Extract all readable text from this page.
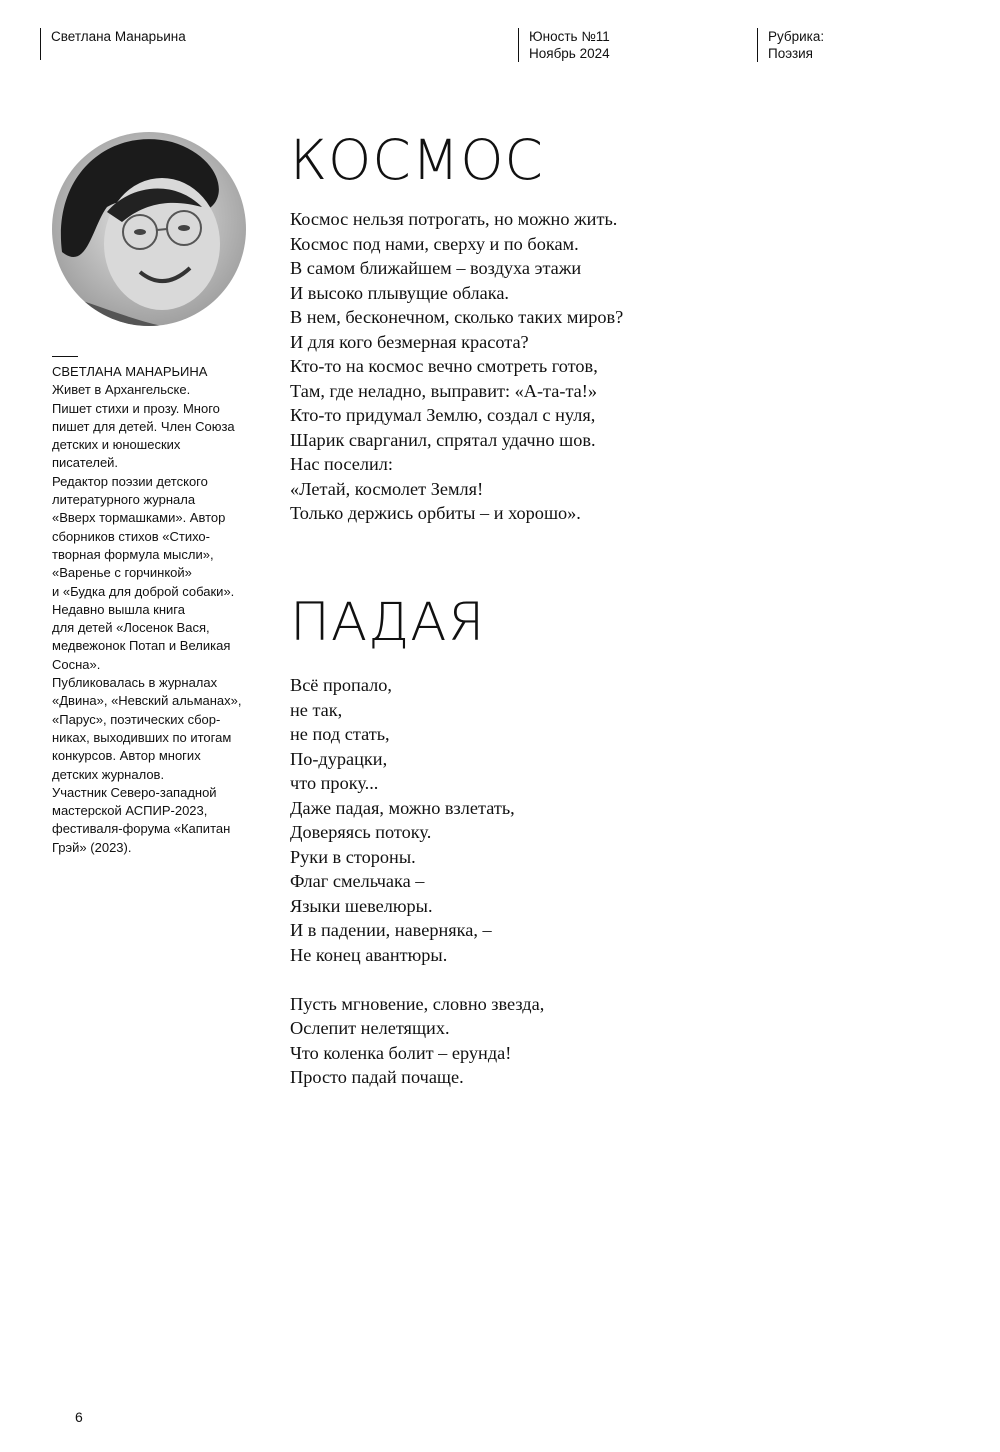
Светлана Манарьина	Юность №11
Ноябрь 2024
Рубрика:
Поэзия
СВЕТЛАНА МАНАРЬИНА
Живет в Архангельске.
Пишет стихи и прозу. Много
пишет для детей. Член Союза
детских и юношеских
писателей.
Редактор поэзии детского
литературного журнала
«Вверх тормашками». Автор
сборников стихов «Стихо-
творная формула мысли»,
«Варенье с горчинкой»
и «Будка для доброй собаки».
Недавно вышла книга
для детей «Лосенок Вася,
медвежонок Потап и Великая
Сосна».
Публиковалась в журналах
«Двина», «Невский альманах»,
«Парус», поэтических сбор-
никах, выходивших по итогам
конкурсов. Автор многих
детских журналов.
Участник Северо-западной
мастерской АСПИР-2023,
фестиваля-форума «Капитан
Грэй» (2023).
КОСМОС
Космос нельзя потрогать, но можно жить.
Космос под нами, сверху и по бокам.
В самом ближайшем – воздуха этажи
И высоко плывущие облака.
В нем, бесконечном, сколько таких миров?
И для кого безмерная красота?
Кто-то на космос вечно смотреть готов,
Там, где неладно, выправит: «А-та-та!»
Кто-то придумал Землю, создал с нуля,
Шарик сварганил, спрятал удачно шов.
Нас поселил:
«Летай, космолет Земля!
Только держись орбиты – и хорошо».
ПАДАЯ
Всё пропало,
не так,
не под стать,
По-дурацки,
что проку...
Даже падая, можно взлетать,
Доверяясь потоку.
Руки в стороны.
Флаг смельчака –
Языки шевелюры.
И в падении, наверняка, –
Не конец авантюры.
Пусть мгновение, словно звезда,
Ослепит нелетящих.
Что коленка болит – ерунда!
Просто падай почаще.
6
